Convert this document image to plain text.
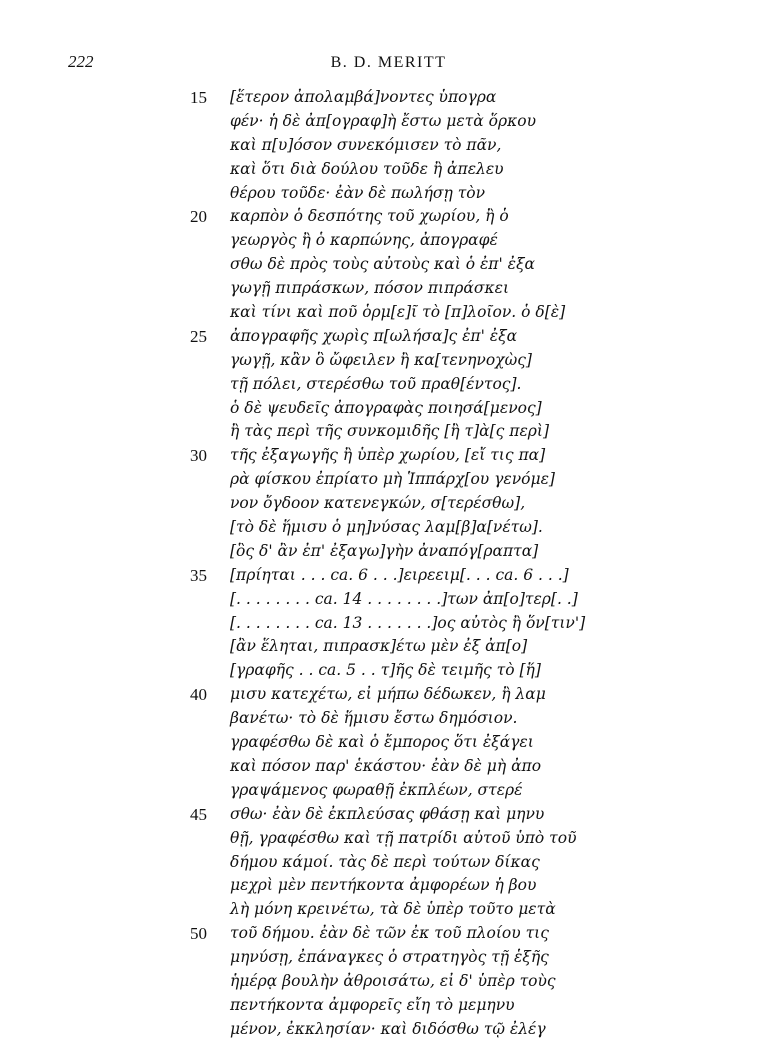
222	B. D. MERITT
15	[ἕτερον ἀπολαμβά]νοντες ὑπογρα
φέν· ἡ δὲ ἀπ[ογραφ]ὴ ἔστω μετὰ ὅρκου
καὶ π[υ]όσον συνεκόμισεν τὸ πᾶν,
καὶ ὅτι διὰ δούλου τοῦδε ἢ ἀπελευ
θέρου τοῦδε· ἐὰν δὲ πωλήσῃ τὸν
20	καρπὸν ὁ δεσπότης τοῦ χωρίου, ἢ ὁ
γεωργὸς ἢ ὁ καρπώνης, ἀπογραφέ
σθω δὲ πρὸς τοὺς αὐτοὺς καὶ ὁ ἐπ' ἐξα
γωγῇ πιπράσκων, πόσον πιπράσκει
καὶ τίνι καὶ ποῦ ὁρμ[ε]ῖ τὸ [π]λοῖον. ὁ δ[ὲ]
25	ἀπογραφῆς χωρὶς π[ωλήσα]ς ἐπ' ἐξα
γωγῇ, κἂν ὃ ὤφειλεν ἢ κα[τενηνοχὼς]
τῇ πόλει, στερέσθω τοῦ πραθ[έντος].
ὁ δὲ ψευδεῖς ἀπογραφὰς ποιησά[μενος]
ἢ τὰς περὶ τῆς συνκομιδῆς [ἢ τ]ὰ[ς περὶ]
30	τῆς ἐξαγωγῆς ἢ ὑπὲρ χωρίου, [εἴ τις πα]
ρὰ φίσκου ἐπρίατο μὴ Ἱππάρχ[ου γενόμε]
νον ὄγδοον κατενεγκών, σ[τερέσθω],
[τὸ δὲ ἥμισυ ὁ μη]νύσας λαμ[β]α[νέτω].
[ὃς δ' ἂν ἐπ' ἐξαγω]γὴν ἀναπόγ[ραπτα]
35	[πρίηται . . . ca. 6 . . .]ειρεειμ[. . . ca. 6 . . .]
[. . . . . . . . ca. 14 . . . . . . . .]των ἀπ[ο]τερ[. .]
[. . . . . . . . ca. 13 . . . . . . .]ος αὐτὸς ἢ ὅν[τιν']
[ἂν ἕληται, πιπρασκ]έτω μὲν ἐξ ἀπ[ο]
[γραφῆς . . ca. 5 . . τ]ῆς δὲ τειμῆς τὸ [ἥ]
40	μισυ κατεχέτω, εἰ μήπω δέδωκεν, ἢ λαμ
βανέτω· τὸ δὲ ἥμισυ ἔστω δημόσιον.
γραφέσθω δὲ καὶ ὁ ἔμπορος ὅτι ἐξάγει
καὶ πόσον παρ' ἑκάστου· ἐὰν δὲ μὴ ἀπο
γραψάμενος φωραθῇ ἐκπλέων, στερέ
45	σθω· ἐὰν δὲ ἐκπλεύσας φθάσῃ καὶ μηνυ
θῇ, γραφέσθω καὶ τῇ πατρίδι αὐτοῦ ὑπὸ τοῦ
δήμου κάμοί. τὰς δὲ περὶ τούτων δίκας
μεχρὶ μὲν πεντήκοντα ἀμφορέων ἡ βου
λὴ μόνη κρεινέτω, τὰ δὲ ὑπὲρ τοῦτο μετὰ
50	τοῦ δήμου. ἐὰν δὲ τῶν ἐκ τοῦ πλοίου τις
μηνύσῃ, ἐπάναγκες ὁ στρατηγὸς τῇ ἑξῆς
ἡμέρᾳ βουλὴν ἀθροισάτω, εἰ δ' ὑπὲρ τοὺς
πεντήκοντα ἀμφορεῖς εἴη τὸ μεμηνυ
μένον, ἐκκλησίαν· καὶ διδόσθω τῷ ἐλέγ
